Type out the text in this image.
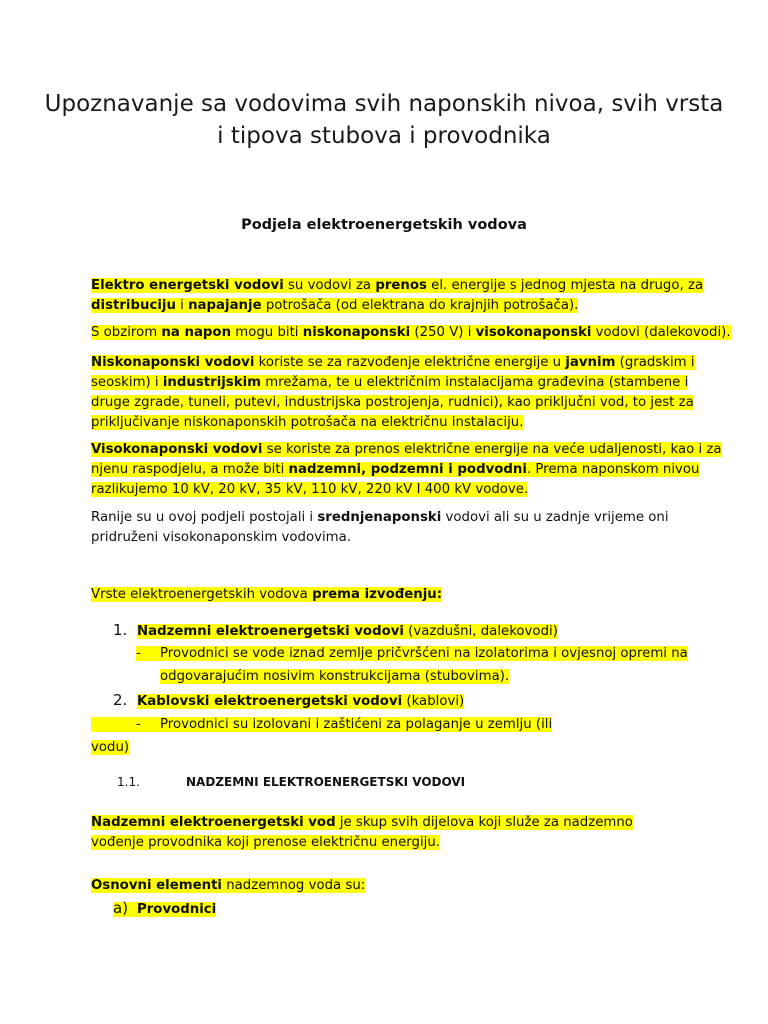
Upoznavanje sa vodovima svih naponskih nivoa, svih vrsta i tipova stubova i provodnika
Podjela elektroenergetskih vodova

Elektro energetski vodovi su vodovi za prenos el. energije s jednog mjesta na drugo, za distribuciju i napajanje potrošača (od elektrana do krajnjih potrošača).

S obzirom na napon mogu biti niskonaponski (250 V) i visokonaponski vodovi (dalekovodi).

Niskonaponski vodovi koriste se za razvođenje električne energije u javnim (gradskim i seoskim) i industrijskim mrežama, te u električnim instalacijama građevina (stambene i druge zgrade, tuneli, putevi, industrijska postrojenja, rudnici), kao priključni vod, to jest za priključivanje niskonaponskih potrošača na električnu instalaciju.

Visokonaponski vodovi se koriste za prenos električne energije na veće udaljenosti, kao i za njenu raspodjelu, a može biti nadzemni, podzemni i podvodni. Prema naponskom nivou razlikujemo 10 kV, 20 kV, 35 kV, 110 kV, 220 kV I 400 kV vodove.

Ranije su u ovoj podjeli postojali i srednjenaponski vodovi ali su u zadnje vrijeme oni pridruženi visokonaponskim vodovima.

Vrste elektroenergetskih vodova prema izvođenju:

1. Nadzemni elektroenergetski vodovi (vazdušni, dalekovodi)
- Provodnici se vode iznad zemlje pričvršćeni na izolatorima i ovjesnoj opremi na
odgovarajućim nosivim konstrukcijama (stubovima).
2. Kablovski elektroenergetski vodovi (kablovi)
- Provodnici su izolovani i zaštićeni za polaganje u zemlju (ili vodu)
1.1.	NADZEMNI ELEKTROENERGETSKI VODOVI

Nadzemni elektroenergetski vod je skup svih dijelova koji služe za nadzemno vođenje provodnika koji prenose električnu energiju.

Osnovni elementi nadzemnog voda su:

a) Provodnici
